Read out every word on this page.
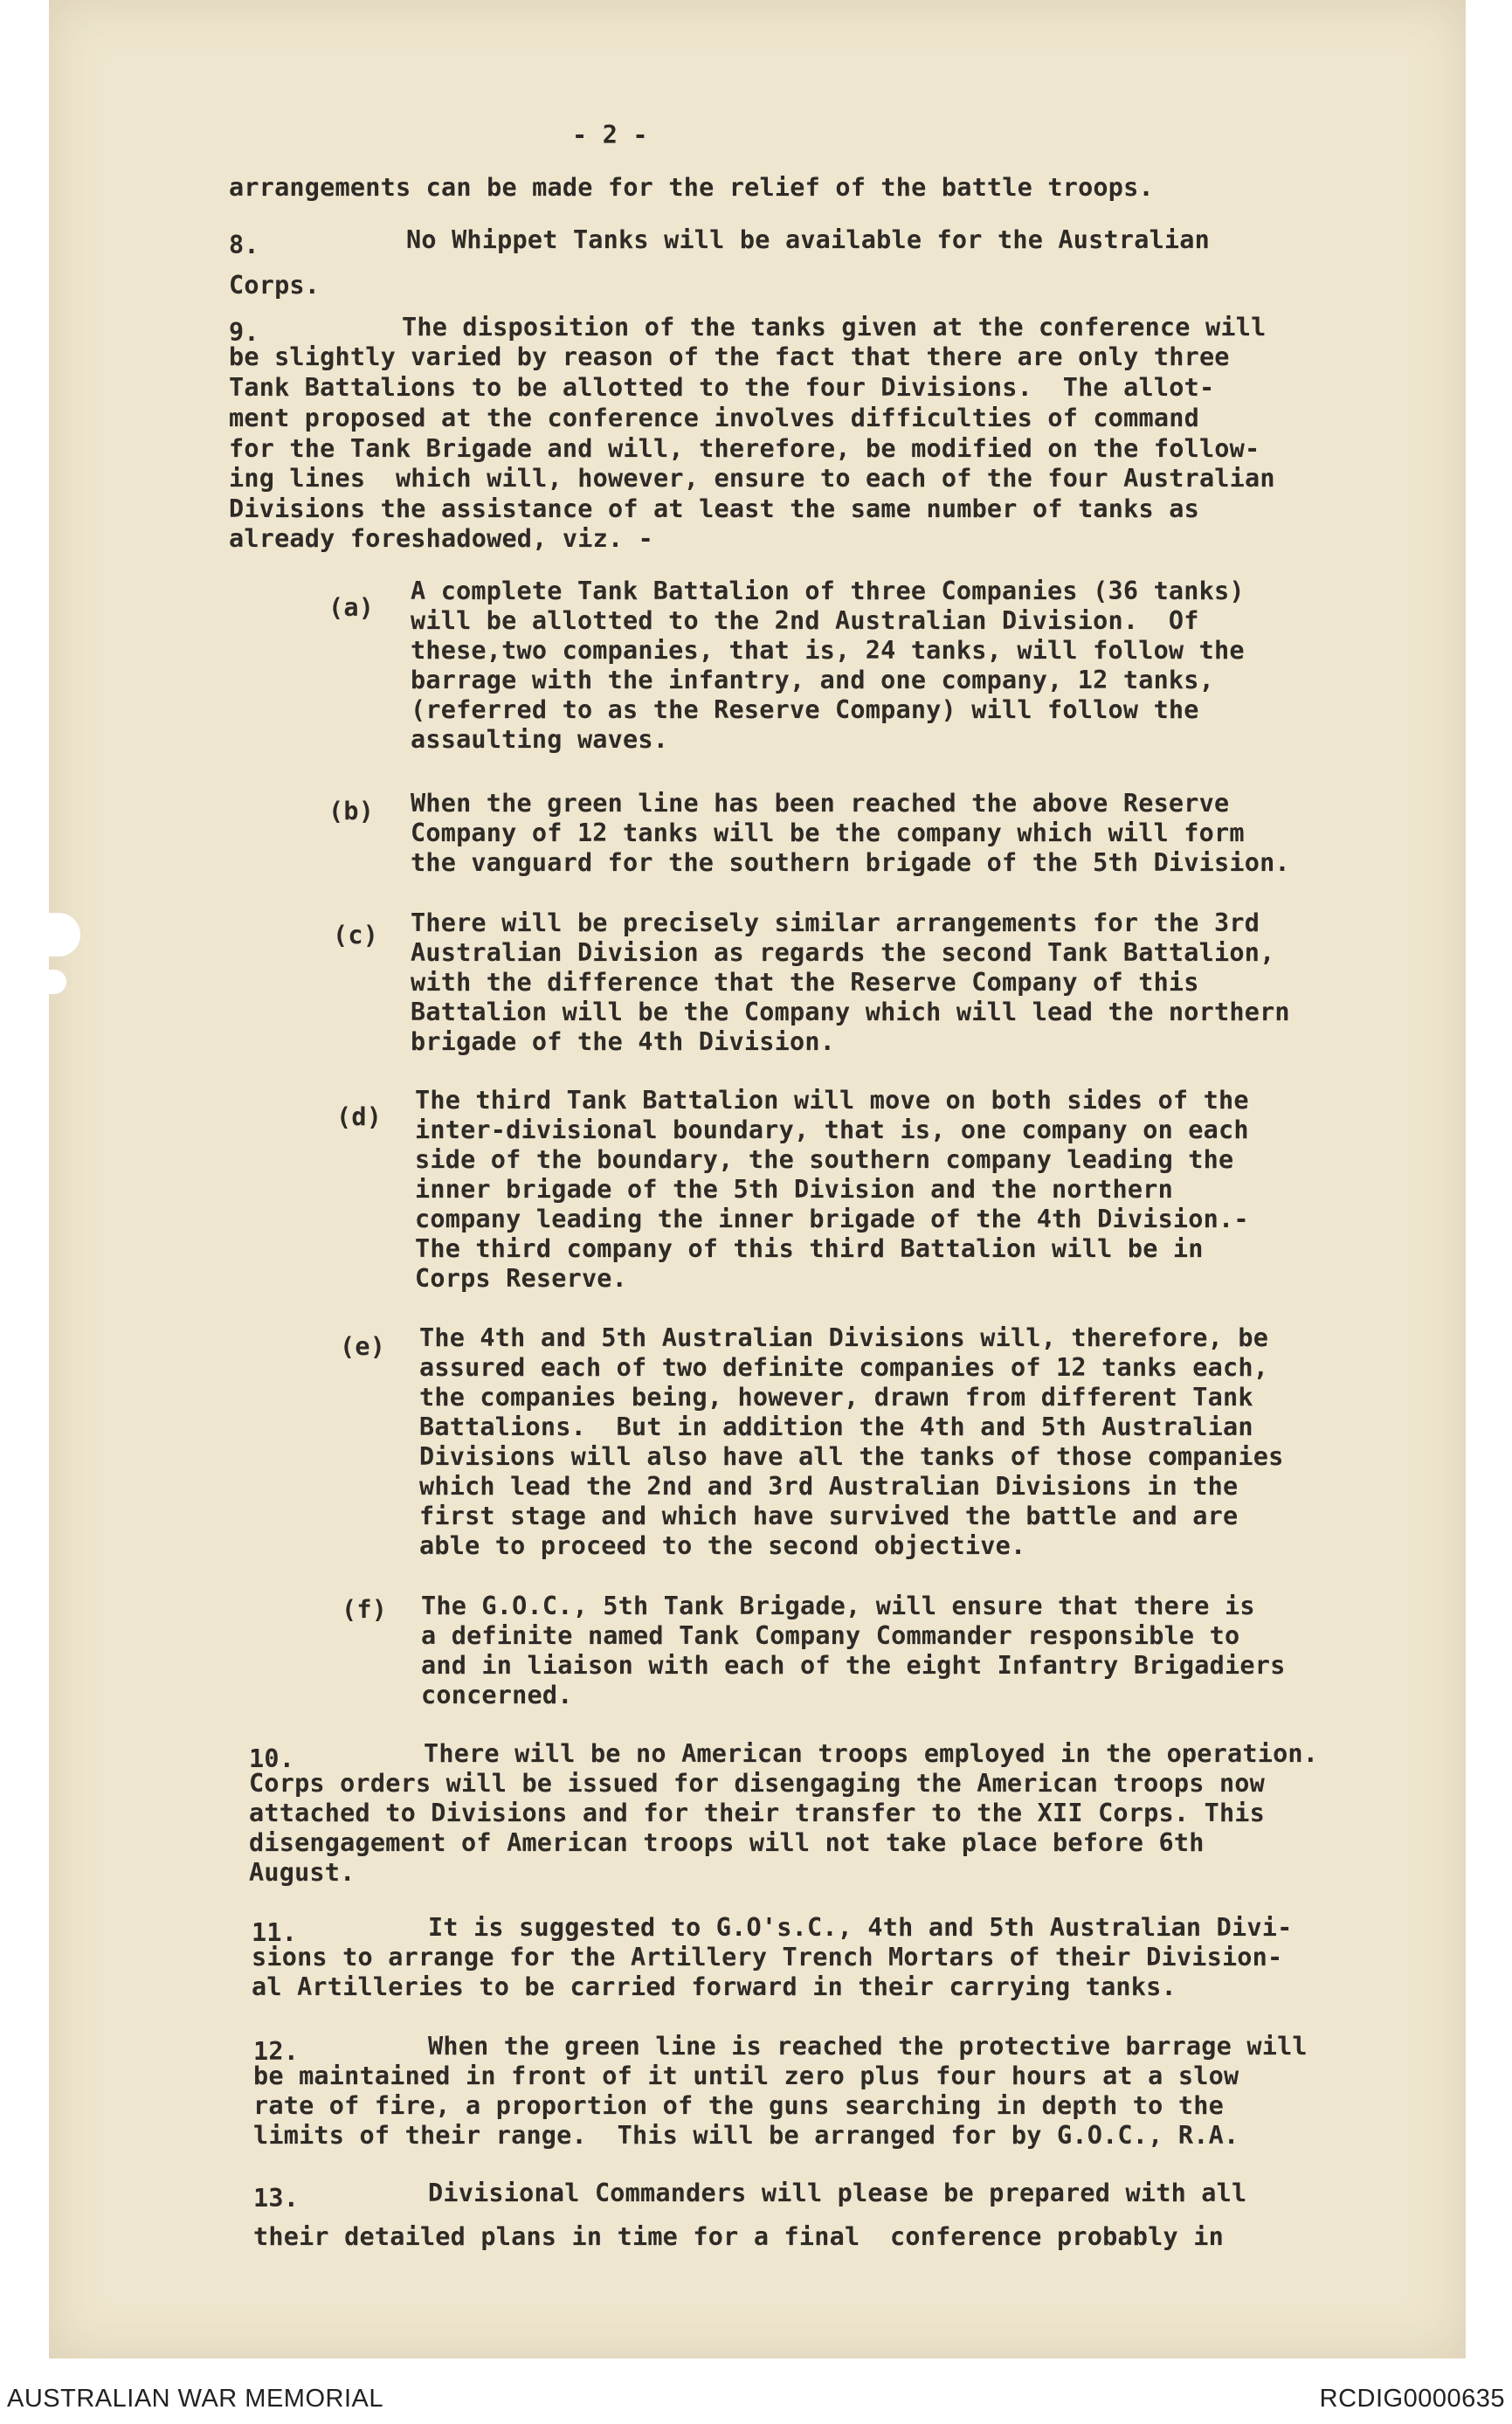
- 2 -
arrangements can be made for the relief of the battle troops.
8.	No Whippet Tanks will be available for the Australian
Corps.
9.	The disposition of the tanks given at the conference will
be slightly varied by reason of the fact that there are only three
Tank Battalions to be allotted to the four Divisions.  The allot-
ment proposed at the conference involves difficulties of command
for the Tank Brigade and will, therefore, be modified on the follow-
ing lines  which will, however, ensure to each of the four Australian
Divisions the assistance of at least the same number of tanks as
already foreshadowed, viz. -
(a)
A complete Tank Battalion of three Companies (36 tanks)
will be allotted to the 2nd Australian Division.  Of
these,two companies, that is, 24 tanks, will follow the
barrage with the infantry, and one company, 12 tanks,
(referred to as the Reserve Company) will follow the
assaulting waves.
(b) When the green line has been reached the above Reserve
Company of 12 tanks will be the company which will form
the vanguard for the southern brigade of the 5th Division.
(c) There will be precisely similar arrangements for the 3rd
Australian Division as regards the second Tank Battalion,
with the difference that the Reserve Company of this
Battalion will be the Company which will lead the northern
brigade of the 4th Division.
(d)
The third Tank Battalion will move on both sides of the
inter-divisional boundary, that is, one company on each
side of the boundary, the southern company leading the
inner brigade of the 5th Division and the northern
company leading the inner brigade of the 4th Division.-
The third company of this third Battalion will be in
Corps Reserve.
(e) The 4th and 5th Australian Divisions will, therefore, be
assured each of two definite companies of 12 tanks each,
the companies being, however, drawn from different Tank
Battalions.  But in addition the 4th and 5th Australian
Divisions will also have all the tanks of those companies
which lead the 2nd and 3rd Australian Divisions in the
first stage and which have survived the battle and are
able to proceed to the second objective.
(f) The G.O.C., 5th Tank Brigade, will ensure that there is
a definite named Tank Company Commander responsible to
and in liaison with each of the eight Infantry Brigadiers
concerned.
10.	There will be no American troops employed in the operation.
Corps orders will be issued for disengaging the American troops now
attached to Divisions and for their transfer to the XII Corps. This
disengagement of American troops will not take place before 6th
August.
11.	It is suggested to G.O's.C., 4th and 5th Australian Divi-
sions to arrange for the Artillery Trench Mortars of their Division-
al Artilleries to be carried forward in their carrying tanks.
12.	When the green line is reached the protective barrage will
be maintained in front of it until zero plus four hours at a slow
rate of fire, a proportion of the guns searching in depth to the
limits of their range.  This will be arranged for by G.O.C., R.A.
13.	Divisional Commanders will please be prepared with all
their detailed plans in time for a final  conference probably in
AUSTRALIAN WAR MEMORIAL	RCDIG0000635
